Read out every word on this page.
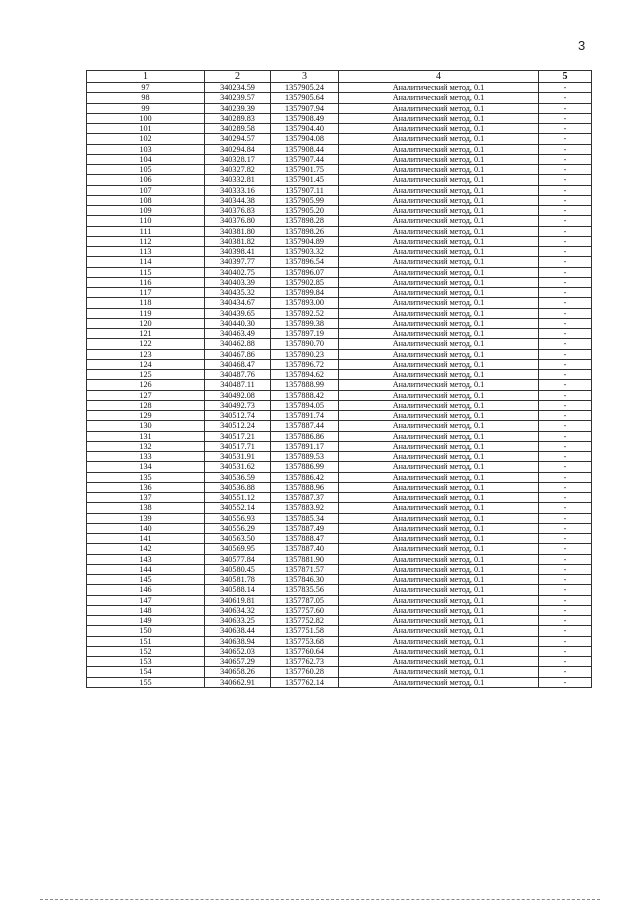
3
1	2	3	4	5
97	340234.59	1357905.24	Аналитический метод, 0.1	-
98	340239.57	1357905.64	Аналитический метод, 0.1	-
99	340239.39	1357907.94	Аналитический метод, 0.1	-
100	340289.83	1357908.49	Аналитический метод, 0.1	-
101	340289.58	1357904.40	Аналитический метод, 0.1	-
102	340294.57	1357904.08	Аналитический метод, 0.1	-
103	340294.84	1357908.44	Аналитический метод, 0.1	-
104	340328.17	1357907.44	Аналитический метод, 0.1	-
105	340327.82	1357901.75	Аналитический метод, 0.1	-
106	340332.81	1357901.45	Аналитический метод, 0.1	-
107	340333.16	1357907.11	Аналитический метод, 0.1	-
108	340344.38	1357905.99	Аналитический метод, 0.1	-
109	340376.83	1357905.20	Аналитический метод, 0.1	-
110	340376.80	1357898.28	Аналитический метод, 0.1	-
111	340381.80	1357898.26	Аналитический метод, 0.1	-
112	340381.82	1357904.89	Аналитический метод, 0.1	-
113	340398.41	1357903.32	Аналитический метод, 0.1	-
114	340397.77	1357896.54	Аналитический метод, 0.1	-
115	340402.75	1357896.07	Аналитический метод, 0.1	-
116	340403.39	1357902.85	Аналитический метод, 0.1	-
117	340435.32	1357899.84	Аналитический метод, 0.1	-
118	340434.67	1357893.00	Аналитический метод, 0.1	-
119	340439.65	1357892.52	Аналитический метод, 0.1	-
120	340440.30	1357899.38	Аналитический метод, 0.1	-
121	340463.49	1357897.19	Аналитический метод, 0.1	-
122	340462.88	1357890.70	Аналитический метод, 0.1	-
123	340467.86	1357890.23	Аналитический метод, 0.1	-
124	340468.47	1357896.72	Аналитический метод, 0.1	-
125	340487.76	1357894.62	Аналитический метод, 0.1	-
126	340487.11	1357888.99	Аналитический метод, 0.1	-
127	340492.08	1357888.42	Аналитический метод, 0.1	-
128	340492.73	1357894.05	Аналитический метод, 0.1	-
129	340512.74	1357891.74	Аналитический метод, 0.1	-
130	340512.24	1357887.44	Аналитический метод, 0.1	-
131	340517.21	1357886.86	Аналитический метод, 0.1	-
132	340517.71	1357891.17	Аналитический метод, 0.1	-
133	340531.91	1357889.53	Аналитический метод, 0.1	-
134	340531.62	1357886.99	Аналитический метод, 0.1	-
135	340536.59	1357886.42	Аналитический метод, 0.1	-
136	340536.88	1357888.96	Аналитический метод, 0.1	-
137	340551.12	1357887.37	Аналитический метод, 0.1	-
138	340552.14	1357883.92	Аналитический метод, 0.1	-
139	340556.93	1357885.34	Аналитический метод, 0.1	-
140	340556.29	1357887.49	Аналитический метод, 0.1	-
141	340563.50	1357888.47	Аналитический метод, 0.1	-
142	340569.95	1357887.40	Аналитический метод, 0.1	-
143	340577.84	1357881.90	Аналитический метод, 0.1	-
144	340580.45	1357871.57	Аналитический метод, 0.1	-
145	340581.78	1357846.30	Аналитический метод, 0.1	-
146	340588.14	1357835.56	Аналитический метод, 0.1	-
147	340619.81	1357787.05	Аналитический метод, 0.1	-
148	340634.32	1357757.60	Аналитический метод, 0.1	-
149	340633.25	1357752.82	Аналитический метод, 0.1	-
150	340638.44	1357751.58	Аналитический метод, 0.1	-
151	340638.94	1357753.68	Аналитический метод, 0.1	-
152	340652.03	1357760.64	Аналитический метод, 0.1	-
153	340657.29	1357762.73	Аналитический метод, 0.1	-
154	340658.26	1357760.28	Аналитический метод, 0.1	-
155	340662.91	1357762.14	Аналитический метод, 0.1	-
